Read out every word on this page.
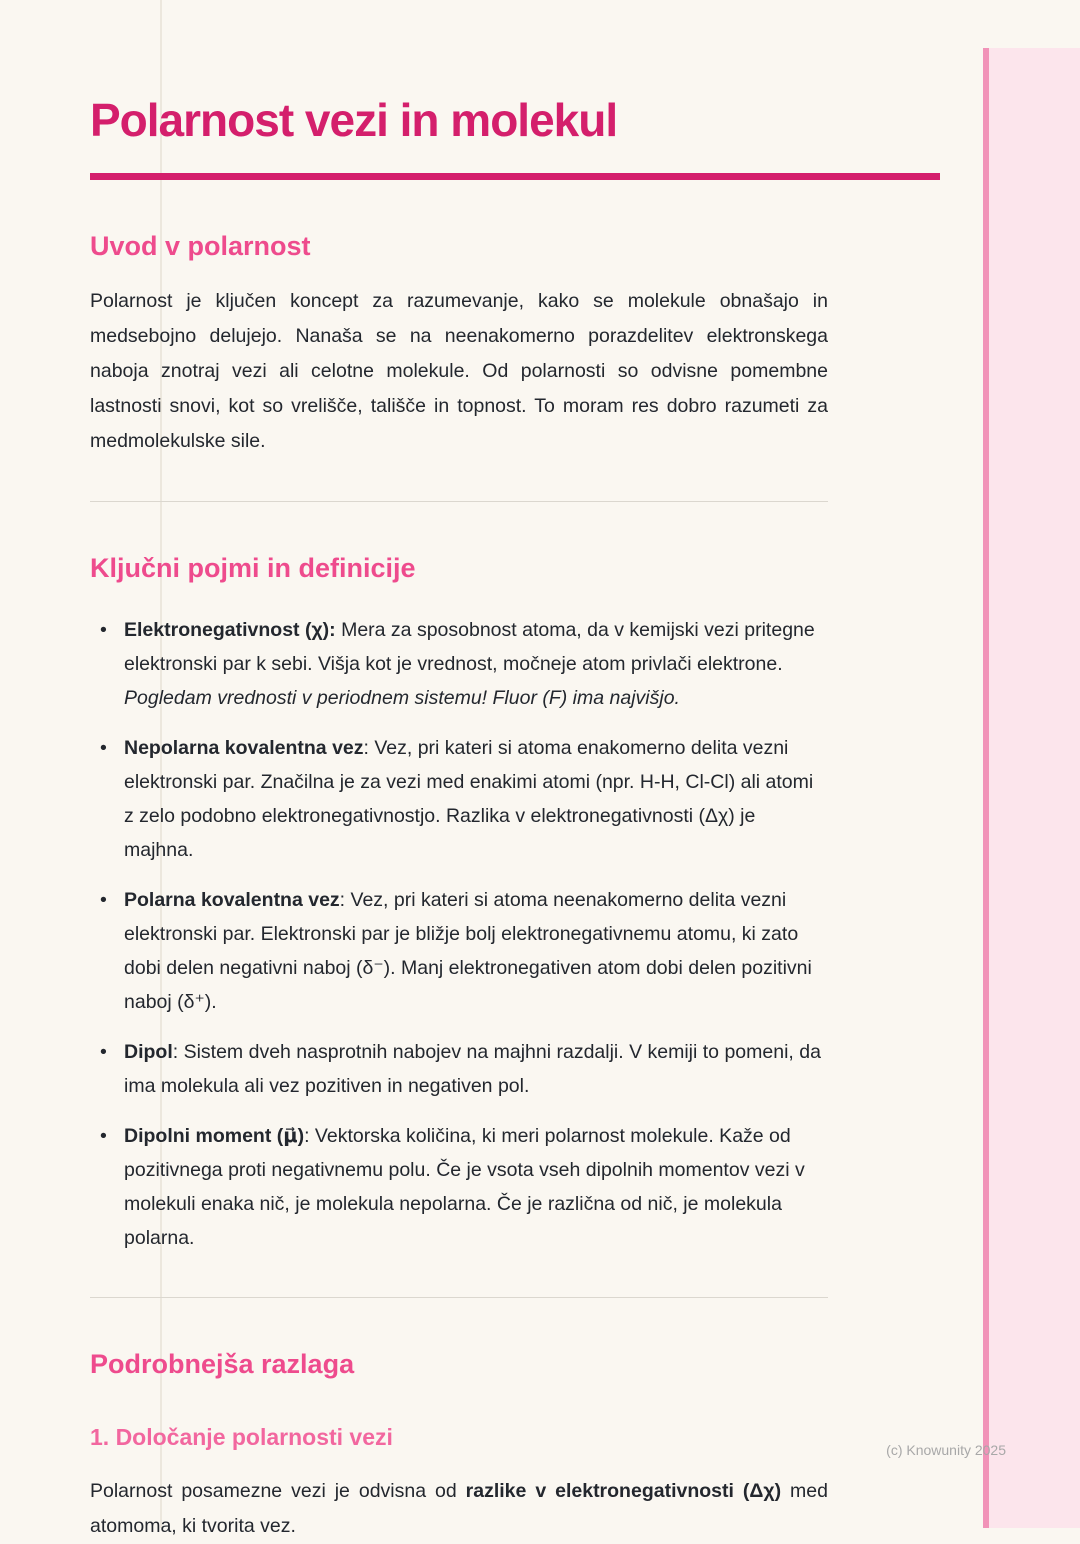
Polarnost vezi in molekul
Uvod v polarnost

Polarnost je ključen koncept za razumevanje, kako se molekule obnašajo in medsebojno delujejo. Nanaša se na neenakomerno porazdelitev elektronskega naboja znotraj vezi ali celotne molekule. Od polarnosti so odvisne pomembne lastnosti snovi, kot so vrelišče, tališče in topnost. To moram res dobro razumeti za medmolekulske sile.

Ključni pojmi in definicije
• Elektronegativnost (χ): Mera za sposobnost atoma, da v kemijski vezi pritegne elektronski par k sebi. Višja kot je vrednost, močneje atom privlači elektrone. Pogledam vrednosti v periodnem sistemu! Fluor (F) ima najvišjo.
• Nepolarna kovalentna vez: Vez, pri kateri si atoma enakomerno delita vezni elektronski par. Značilna je za vezi med enakimi atomi (npr. H-H, Cl-Cl) ali atomi z zelo podobno elektronegativnostjo. Razlika v elektronegativnosti (Δχ) je majhna.
• Polarna kovalentna vez: Vez, pri kateri si atoma neenakomerno delita vezni elektronski par. Elektronski par je bližje bolj elektronegativnemu atomu, ki zato dobi delen negativni naboj (δ⁻). Manj elektronegativen atom dobi delen pozitivni naboj (δ⁺).
• Dipol: Sistem dveh nasprotnih nabojev na majhni razdalji. V kemiji to pomeni, da ima molekula ali vez pozitiven in negativen pol.
• Dipolni moment (μ⃗): Vektorska količina, ki meri polarnost molekule. Kaže od pozitivnega proti negativnemu polu. Če je vsota vseh dipolnih momentov vezi v molekuli enaka nič, je molekula nepolarna. Če je različna od nič, je molekula polarna.
Podrobnejša razlaga
1. Določanje polarnosti vezi

Polarnost posamezne vezi je odvisna od razlike v elektronegativnosti (Δχ) med atomoma, ki tvorita vez.

(c) Knowunity 2025
